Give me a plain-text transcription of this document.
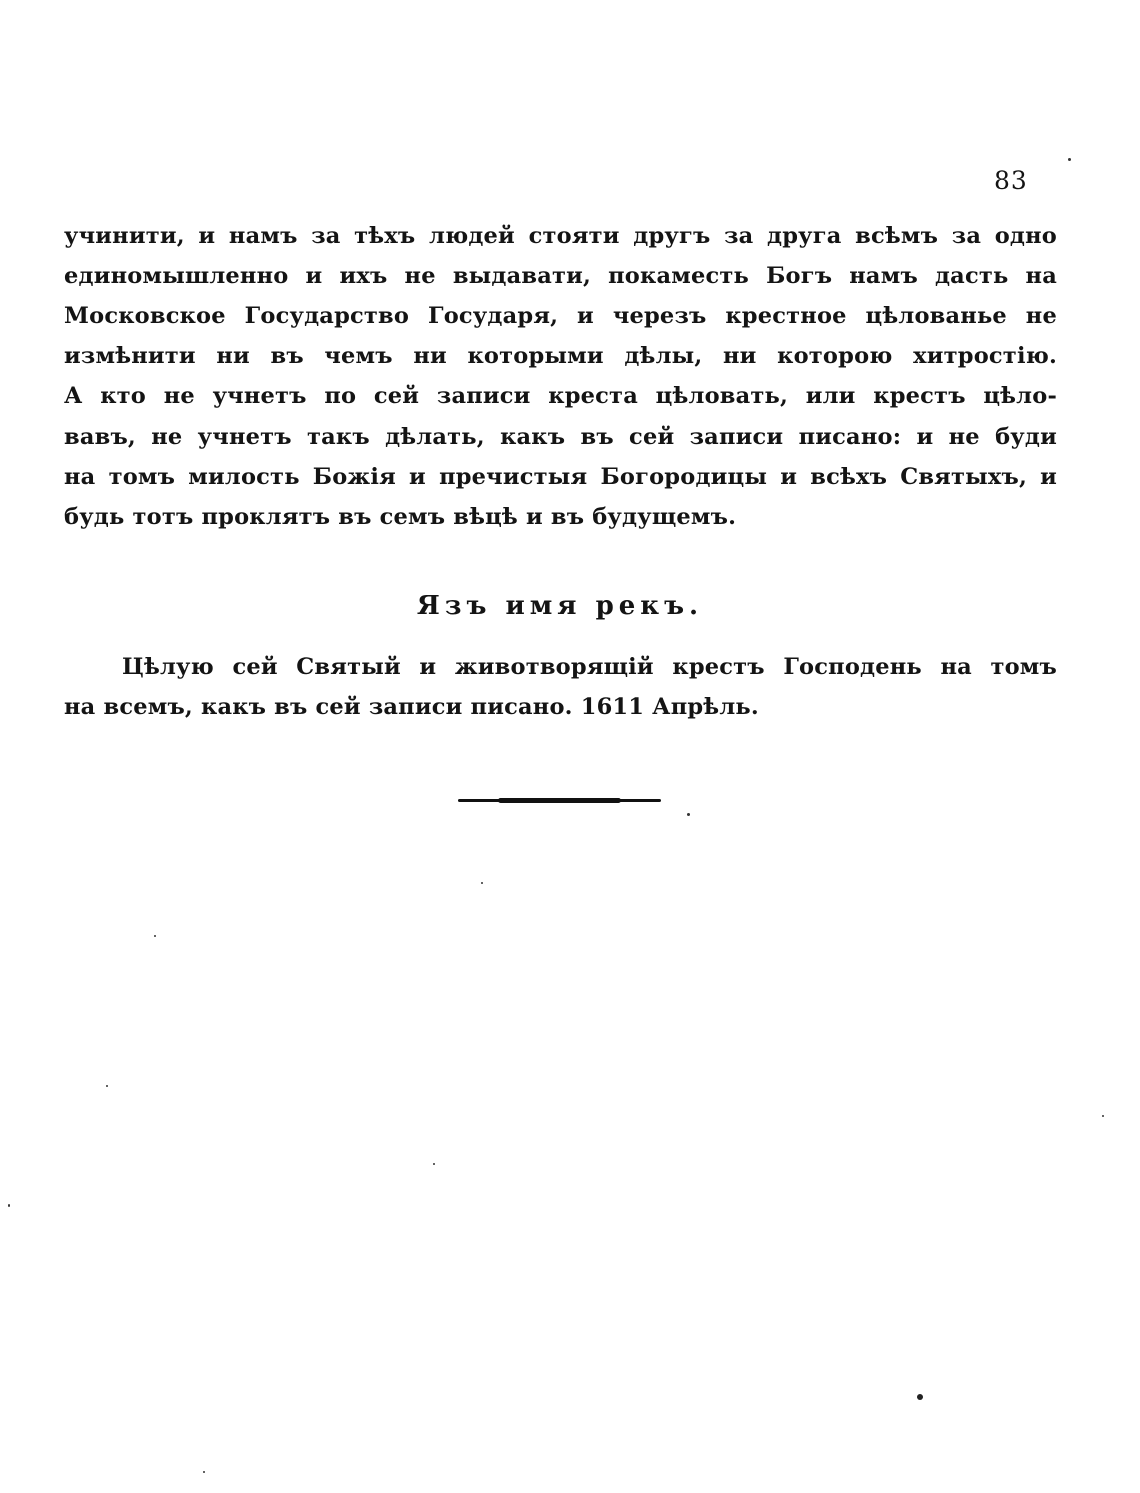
83
учинити, и намъ за тѣхъ людей стояти другъ за друга всѣмъ за одно
единомышленно и ихъ не выдавати, покаместь Богъ намъ дасть на
Московское Государство Государя, и черезъ крестное цѣлованье не
измѣнити ни въ чемъ ни которыми дѣлы, ни которою хитростію.
А кто не учнетъ по сей записи креста цѣловать, или крестъ цѣло-
вавъ, не учнетъ такъ дѣлать, какъ въ сей записи писано: и не буди
на томъ милость Божія и пречистыя Богородицы и всѣхъ Святыхъ, и
будь тотъ проклятъ въ семъ вѣцѣ и въ будущемъ.
Язъ имя рекъ.
Цѣлую сей Святый и животворящій крестъ Господень на томъ
на всемъ, какъ въ сей записи писано. 1611 Апрѣль.
